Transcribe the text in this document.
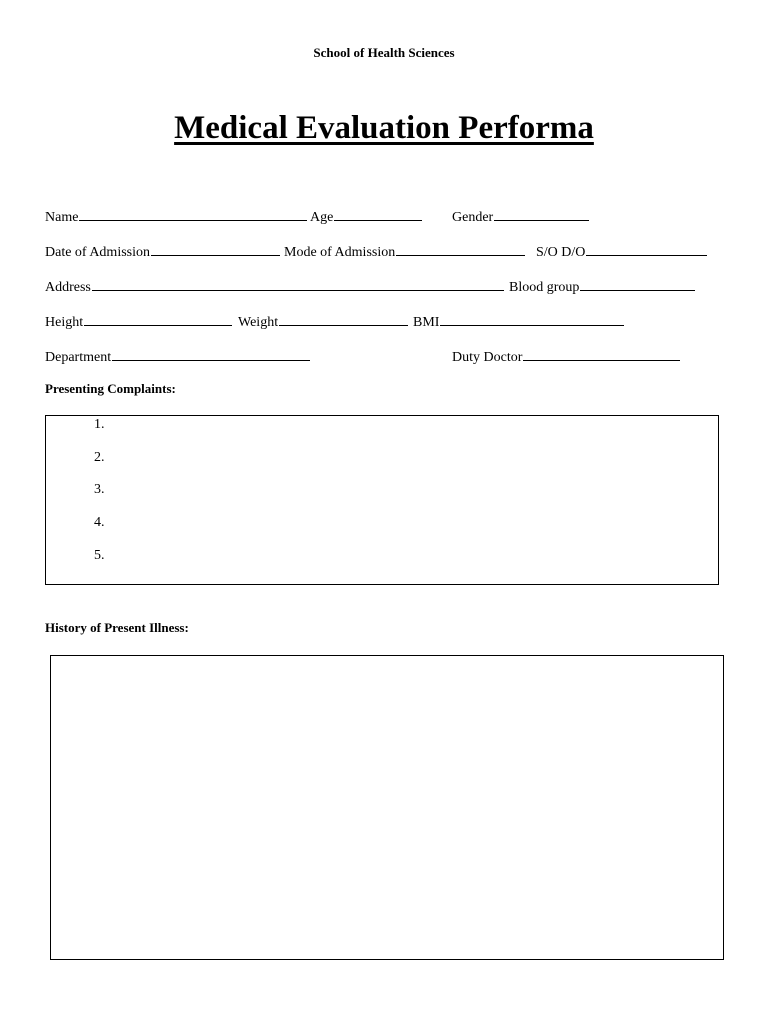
School of Health Sciences
Medical Evaluation Performa
Name	Age	Gender
Date of Admission	Mode of Admission	S/O D/O
Address	Blood group
Height	Weight	BMI
Department	Duty Doctor
Presenting Complaints:
1.
2.
3.
4.
5.
History of Present Illness:
